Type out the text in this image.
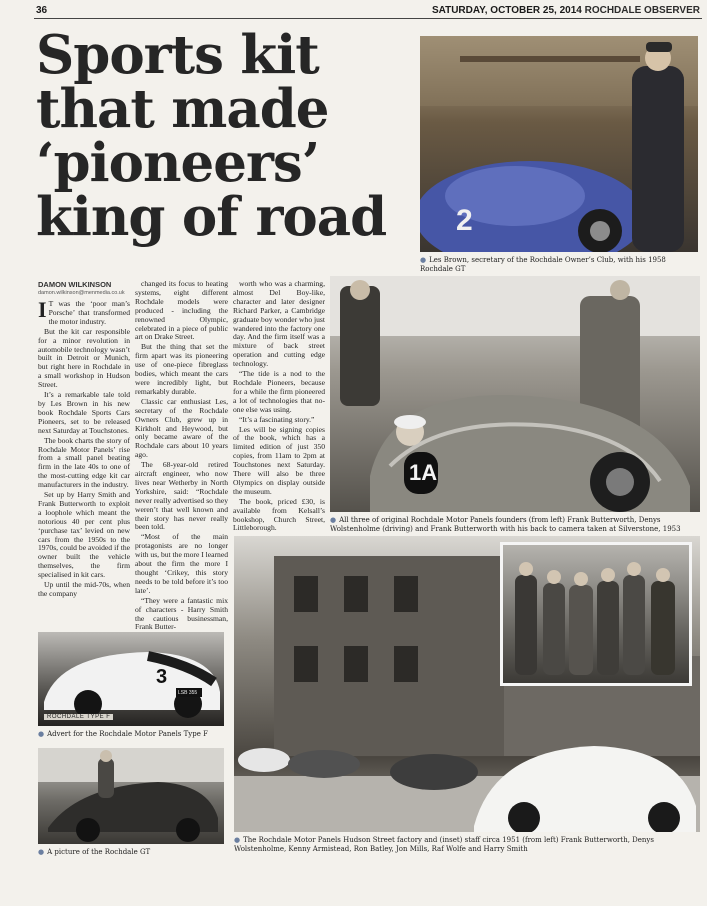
36	SATURDAY, OCTOBER 25, 2014 ROCHDALE OBSERVER
Sports kit that made ‘pioneers’ king of road	2
● Les Brown, secretary of the Rochdale Owner’s Club, with his 1958 Rochdale GT
DAMON WILKINSON
damon.wilkinson@menmedia.co.uk

IT was the ‘poor man’s Porsche’ that transformed the motor industry.

But the kit car responsible for a minor revolution in automobile technology wasn’t built in Detroit or Munich, but right here in Rochdale in a small workshop in Hudson Street.

It’s a remarkable tale told by Les Brown in his new book Rochdale Sports Cars Pioneers, set to be released next Saturday at Touchstones.

The book charts the story of Rochdale Motor Panels’ rise from a small panel beating firm in the late 40s to one of the most-cutting edge kit car manufacturers in the industry.

Set up by Harry Smith and Frank Butterworth to exploit a loophole which meant the notorious 40 per cent plus ‘purchase tax’ levied on new cars from the 1950s to the 1970s, could be avoided if the owner built the vehicle themselves, the firm specialised in kit cars.

Up until the mid-70s, when the company

changed its focus to heating systems, eight different Rochdale models were produced - including the renowned Olympic, celebrated in a piece of public art on Drake Street.

But the thing that set the firm apart was its pioneering use of one-piece fibreglass bodies, which meant the cars were incredibly light, but remarkably durable.

Classic car enthusiast Les, secretary of the Rochdale Owners Club, grew up in Kirkholt and Heywood, but only became aware of the Rochdale cars about 10 years ago.

The 68-year-old retired aircraft engineer, who now lives near Wetherby in North Yorkshire, said: “Rochdale never really advertised so they weren’t that well known and their story has never really been told.

“Most of the main protagonists are no longer with us, but the more I learned about the firm the more I thought ‘Crikey, this story needs to be told before it’s too late’.

“They were a fantastic mix of characters - Harry Smith the cautious businessman, Frank Butter-

worth who was a charming, almost Del Boy-like, character and later designer Richard Parker, a Cambridge graduate boy wonder who just wandered into the factory one day. And the firm itself was a mixture of back street operation and cutting edge technology.

“The tide is a nod to the Rochdale Pioneers, because for a while the firm pioneered a lot of technologies that no-one else was using.

“It’s a fascinating story.”

Les will be signing copies of the book, which has a limited edition of just 350 copies, from 11am to 2pm at Touchstones next Saturday. There will also be three Olympics on display outside the museum.

The book, priced £30, is available from Kelsall’s bookshop, Church Street, Littleborough.

1A
● All three of original Rochdale Motor Panels founders (from left) Frank Butterworth, Denys Wolstenholme (driving) and Frank Butterworth with his back to camera taken at Silverstone, 1953
3
LSB 355
ROCHDALE TYPE F
● Advert for the Rochdale Motor Panels Type F
● A picture of the Rochdale GT
● The Rochdale Motor Panels Hudson Street factory and (inset) staff circa 1951 (from left) Frank Butterworth, Denys Wolstenholme, Kenny Armistead, Ron Batley, Jon Mills, Raf Wolfe and Harry Smith
